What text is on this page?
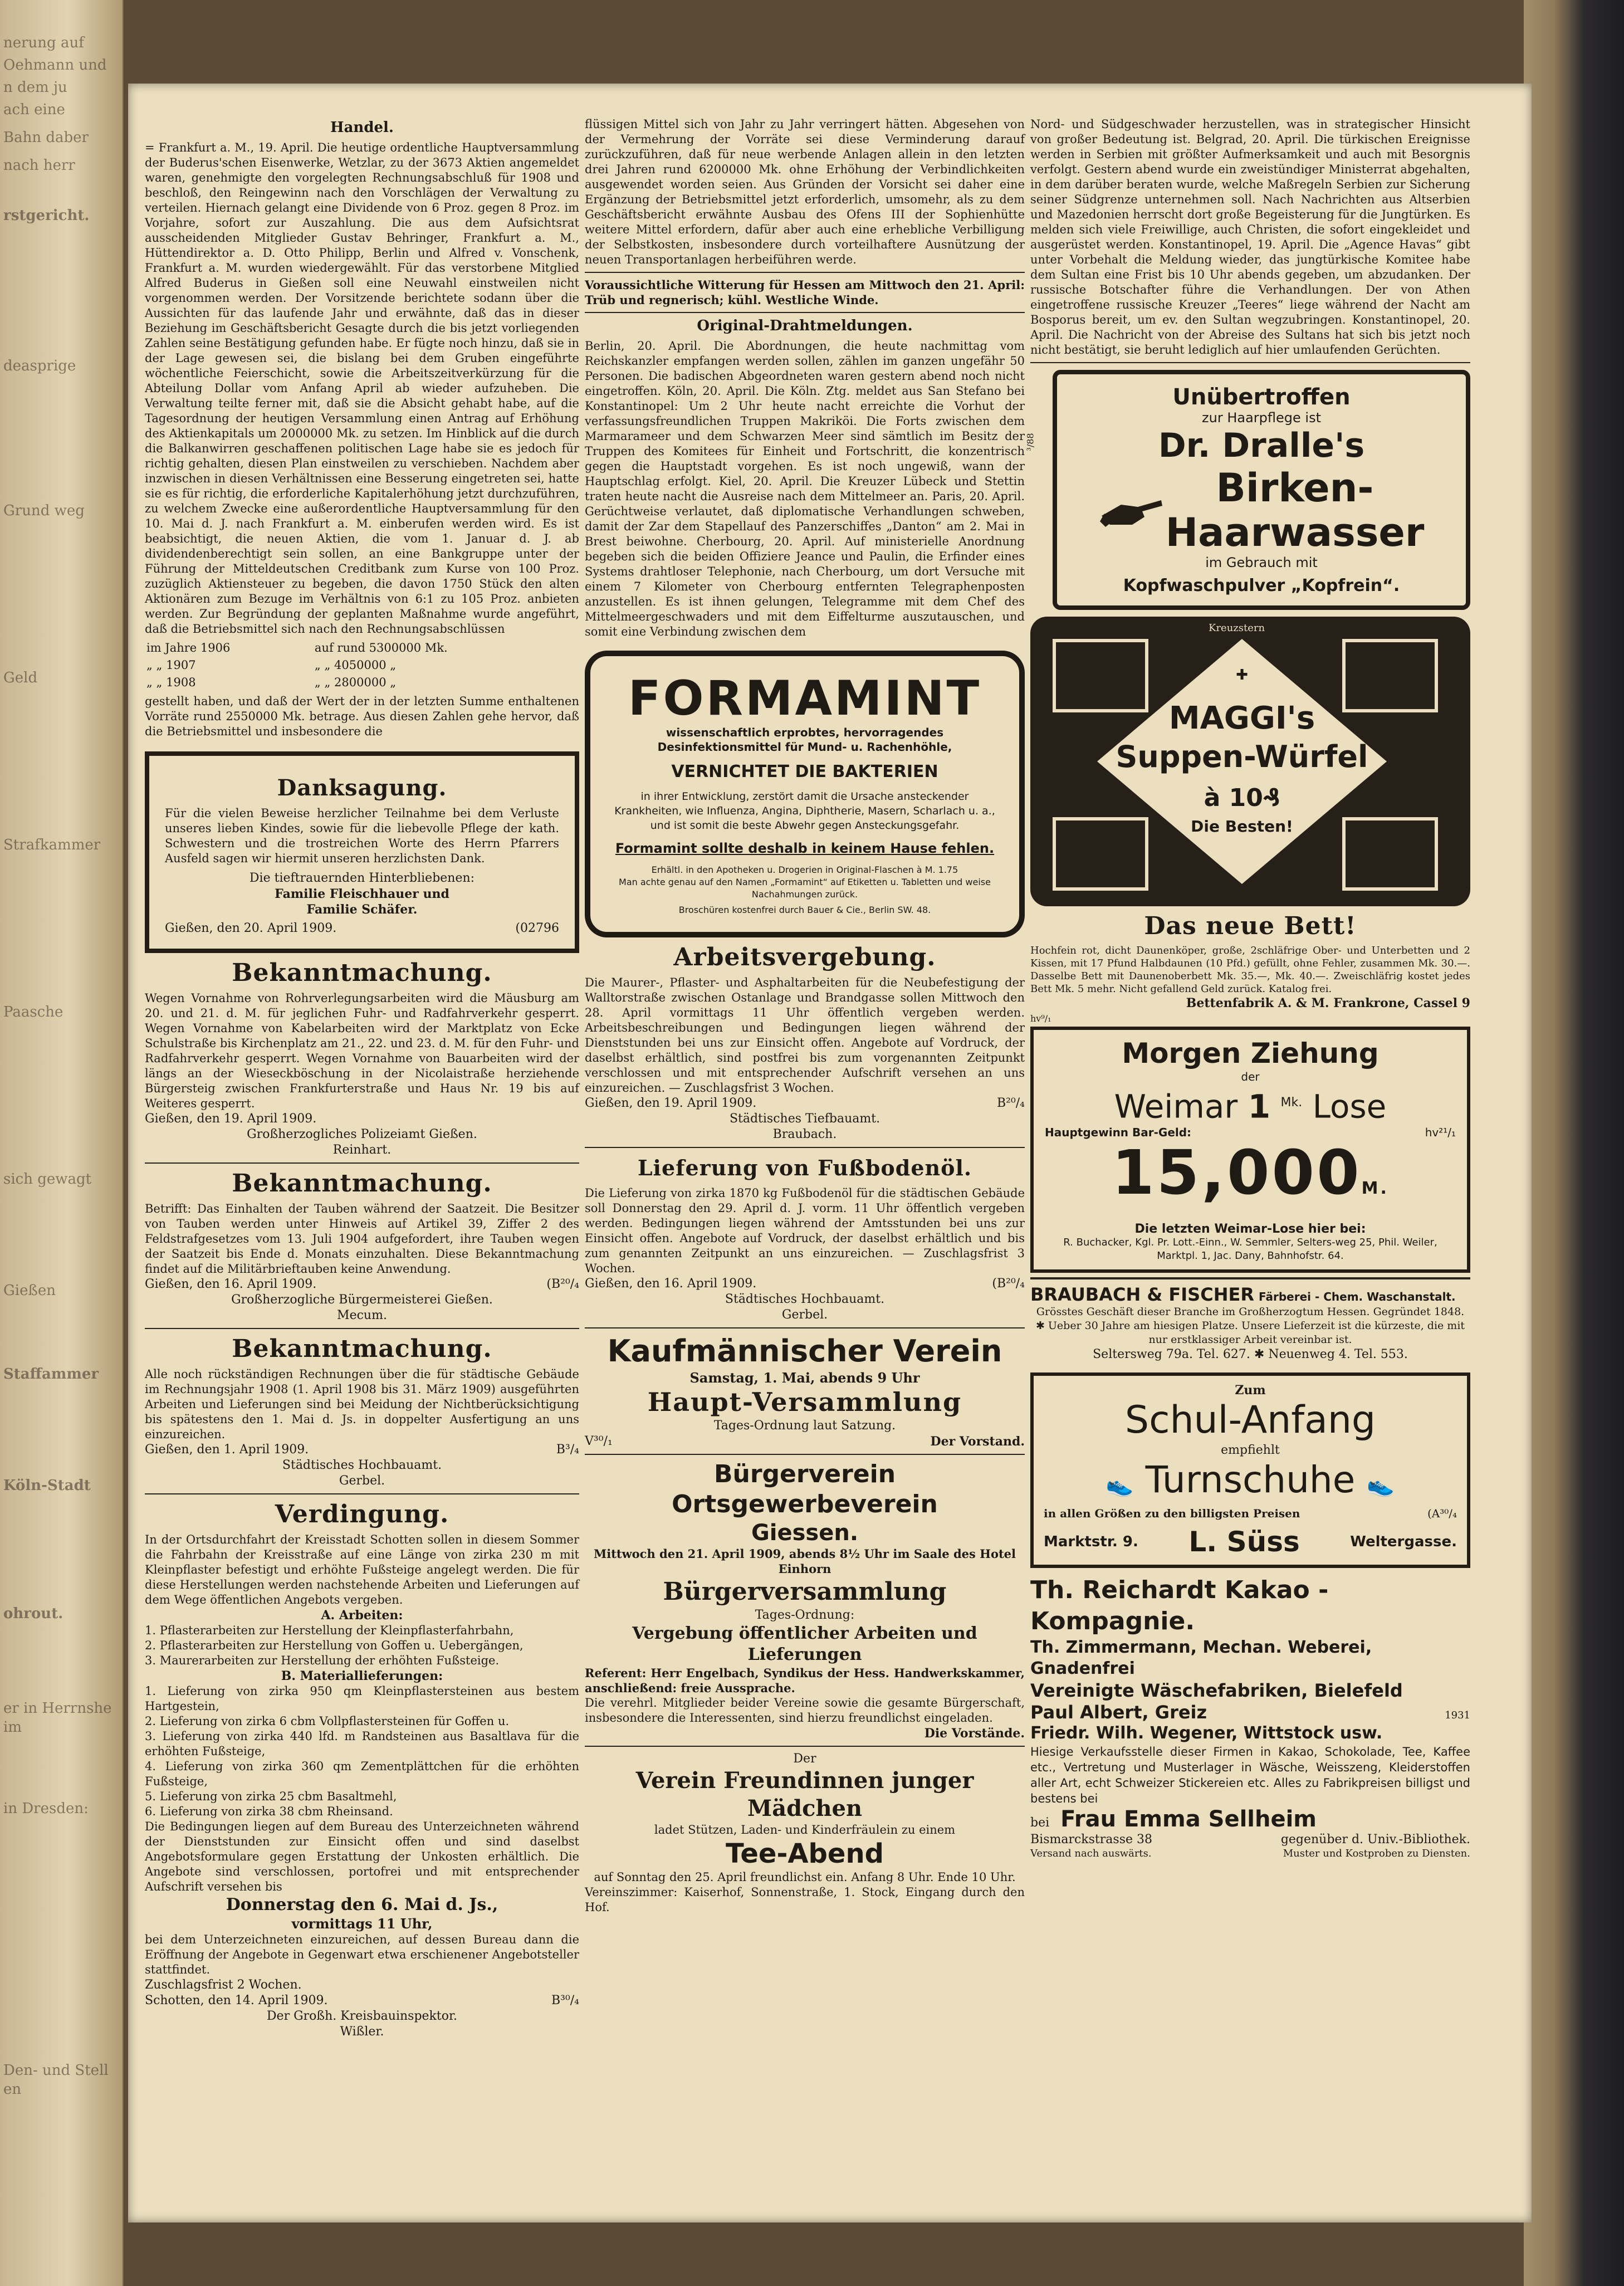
nerung auf
Oehmann und
n dem ju
ach eine
Bahn daber
nach herr
rstgericht.
deasprige
Grund weg
Geld
Strafkammer
Paasche
sich gewagt
Gießen
Staffammer
Köln-Stadt
ohrout.
er in Herrnsheim
in Dresden:
Den- und Stellen
Handel.
= Frankfurt a. M., 19. April. Die heutige ordentliche Hauptversammlung der Buderus'schen Eisenwerke, Wetzlar, zu der 3673 Aktien angemeldet waren, genehmigte den vorgelegten Rechnungsabschluß für 1908 und beschloß, den Reingewinn nach den Vorschlägen der Verwaltung zu verteilen. Hiernach gelangt eine Dividende von 6 Proz. gegen 8 Proz. im Vorjahre, sofort zur Auszahlung. Die aus dem Aufsichtsrat ausscheidenden Mitglieder Gustav Behringer, Frankfurt a. M., Hüttendirektor a. D. Otto Philipp, Berlin und Alfred v. Vonschenk, Frankfurt a. M. wurden wiedergewählt. Für das verstorbene Mitglied Alfred Buderus in Gießen soll eine Neuwahl einstweilen nicht vorgenommen werden. Der Vorsitzende berichtete sodann über die Aussichten für das laufende Jahr und erwähnte, daß das in dieser Beziehung im Geschäftsbericht Gesagte durch die bis jetzt vorliegenden Zahlen seine Bestätigung gefunden habe. Er fügte noch hinzu, daß sie in der Lage gewesen sei, die bislang bei dem Gruben eingeführte wöchentliche Feierschicht, sowie die Arbeitszeitverkürzung für die Abteilung Dollar vom Anfang April ab wieder aufzuheben. Die Verwaltung teilte ferner mit, daß sie die Absicht gehabt habe, auf die Tagesordnung der heutigen Versammlung einen Antrag auf Erhöhung des Aktienkapitals um 2000000 Mk. zu setzen. Im Hinblick auf die durch die Balkanwirren geschaffenen politischen Lage habe sie es jedoch für richtig gehalten, diesen Plan einstweilen zu verschieben. Nachdem aber inzwischen in diesen Verhältnissen eine Besserung eingetreten sei, hatte sie es für richtig, die erforderliche Kapitalerhöhung jetzt durchzuführen, zu welchem Zwecke eine außerordentliche Hauptversammlung für den 10. Mai d. J. nach Frankfurt a. M. einberufen werden wird. Es ist beabsichtigt, die neuen Aktien, die vom 1. Januar d. J. ab dividendenberechtigt sein sollen, an eine Bankgruppe unter der Führung der Mitteldeutschen Creditbank zum Kurse von 100 Proz. zuzüglich Aktiensteuer zu begeben, die davon 1750 Stück den alten Aktionären zum Bezuge im Verhältnis von 6:1 zu 105 Proz. anbieten werden. Zur Begründung der geplanten Maßnahme wurde angeführt, daß die Betriebsmittel sich nach den Rechnungsabschlüssen
im Jahre 1906	auf rund 5300000 Mk.
„ „ 1907	„ „ 4050000 „
„ „ 1908	„ „ 2800000 „
gestellt haben, und daß der Wert der in der letzten Summe enthaltenen Vorräte rund 2550000 Mk. betrage. Aus diesen Zahlen gehe hervor, daß die Betriebsmittel und insbesondere die
Danksagung.
Für die vielen Beweise herzlicher Teilnahme bei dem Verluste unseres lieben Kindes, sowie für die liebevolle Pflege der kath. Schwestern und die trostreichen Worte des Herrn Pfarrers Ausfeld sagen wir hiermit unseren herzlichsten Dank.
Die tieftrauernden Hinterbliebenen:
Familie Fleischhauer und
Familie Schäfer.
Gießen, den 20. April 1909.	(02796
Bekanntmachung.
Wegen Vornahme von Rohrverlegungsarbeiten wird die Mäusburg am 20. und 21. d. M. für jeglichen Fuhr- und Radfahrverkehr gesperrt. Wegen Vornahme von Kabelarbeiten wird der Marktplatz von Ecke Schulstraße bis Kirchenplatz am 21., 22. und 23. d. M. für den Fuhr- und Radfahrverkehr gesperrt. Wegen Vornahme von Bauarbeiten wird der längs an der Wieseckböschung in der Nicolaistraße herziehende Bürgersteig zwischen Frankfurterstraße und Haus Nr. 19 bis auf Weiteres gesperrt.
Gießen, den 19. April 1909.
Großherzogliches Polizeiamt Gießen.
Reinhart.
Bekanntmachung.
Betrifft: Das Einhalten der Tauben während der Saatzeit. Die Besitzer von Tauben werden unter Hinweis auf Artikel 39, Ziffer 2 des Feldstrafgesetzes vom 13. Juli 1904 aufgefordert, ihre Tauben wegen der Saatzeit bis Ende d. Monats einzuhalten. Diese Bekanntmachung findet auf die Militärbrieftauben keine Anwendung.
Gießen, den 16. April 1909.	(B²⁰/₄
Großherzogliche Bürgermeisterei Gießen.
Mecum.
Bekanntmachung.
Alle noch rückständigen Rechnungen über die für städtische Gebäude im Rechnungsjahr 1908 (1. April 1908 bis 31. März 1909) ausgeführten Arbeiten und Lieferungen sind bei Meidung der Nichtberücksichtigung bis spätestens den 1. Mai d. Js. in doppelter Ausfertigung an uns einzureichen.
Gießen, den 1. April 1909.	B³/₄
Städtisches Hochbauamt.
Gerbel.
Verdingung.
In der Ortsdurchfahrt der Kreisstadt Schotten sollen in diesem Sommer die Fahrbahn der Kreisstraße auf eine Länge von zirka 230 m mit Kleinpflaster befestigt und erhöhte Fußsteige angelegt werden. Die für diese Herstellungen werden nachstehende Arbeiten und Lieferungen auf dem Wege öffentlichen Angebots vergeben.
A. Arbeiten:
1. Pflasterarbeiten zur Herstellung der Kleinpflasterfahrbahn,
2. Pflasterarbeiten zur Herstellung von Goffen u. Uebergängen,
3. Maurerarbeiten zur Herstellung der erhöhten Fußsteige.
B. Materiallieferungen:
1. Lieferung von zirka 950 qm Kleinpflastersteinen aus bestem Hartgestein,
2. Lieferung von zirka 6 cbm Vollpflastersteinen für Goffen u.
3. Lieferung von zirka 440 lfd. m Randsteinen aus Basaltlava für die erhöhten Fußsteige,
4. Lieferung von zirka 360 qm Zementplättchen für die erhöhten Fußsteige,
5. Lieferung von zirka 25 cbm Basaltmehl,
6. Lieferung von zirka 38 cbm Rheinsand.
Die Bedingungen liegen auf dem Bureau des Unterzeichneten während der Dienststunden zur Einsicht offen und sind daselbst Angebotsformulare gegen Erstattung der Unkosten erhältlich. Die Angebote sind verschlossen, portofrei und mit entsprechender Aufschrift versehen bis
Donnerstag den 6. Mai d. Js.,
vormittags 11 Uhr,
bei dem Unterzeichneten einzureichen, auf dessen Bureau dann die Eröffnung der Angebote in Gegenwart etwa erschienener Angebotsteller stattfindet.
Zuschlagsfrist 2 Wochen.
Schotten, den 14. April 1909.	B³⁰/₄
Der Großh. Kreisbauinspektor.
Wißler.
flüssigen Mittel sich von Jahr zu Jahr verringert hätten. Abgesehen von der Vermehrung der Vorräte sei diese Verminderung darauf zurückzuführen, daß für neue werbende Anlagen allein in den letzten drei Jahren rund 6200000 Mk. ohne Erhöhung der Verbindlichkeiten ausgewendet worden seien. Aus Gründen der Vorsicht sei daher eine Ergänzung der Betriebsmittel jetzt erforderlich, umsomehr, als zu dem Geschäftsbericht erwähnte Ausbau des Ofens III der Sophienhütte weitere Mittel erfordern, dafür aber auch eine erhebliche Verbilligung der Selbstkosten, insbesondere durch vorteilhaftere Ausnützung der neuen Transportanlagen herbeiführen werde.
Voraussichtliche Witterung für Hessen am Mittwoch den 21. April: Trüb und regnerisch; kühl. Westliche Winde.
Original-Drahtmeldungen.
Berlin, 20. April. Die Abordnungen, die heute nachmittag vom Reichskanzler empfangen werden sollen, zählen im ganzen ungefähr 50 Personen. Die badischen Abgeordneten waren gestern abend noch nicht eingetroffen. Köln, 20. April. Die Köln. Ztg. meldet aus San Stefano bei Konstantinopel: Um 2 Uhr heute nacht erreichte die Vorhut der verfassungsfreundlichen Truppen Makriköi. Die Forts zwischen dem Marmarameer und dem Schwarzen Meer sind sämtlich im Besitz der Truppen des Komitees für Einheit und Fortschritt, die konzentrisch gegen die Hauptstadt vorgehen. Es ist noch ungewiß, wann der Hauptschlag erfolgt. Kiel, 20. April. Die Kreuzer Lübeck und Stettin traten heute nacht die Ausreise nach dem Mittelmeer an. Paris, 20. April. Gerüchtweise verlautet, daß diplomatische Verhandlungen schweben, damit der Zar dem Stapellauf des Panzerschiffes „Danton“ am 2. Mai in Brest beiwohne. Cherbourg, 20. April. Auf ministerielle Anordnung begeben sich die beiden Offiziere Jeance und Paulin, die Erfinder eines Systems drahtloser Telephonie, nach Cherbourg, um dort Versuche mit einem 7 Kilometer von Cherbourg entfernten Telegraphenposten anzustellen. Es ist ihnen gelungen, Telegramme mit dem Chef des Mittelmeergeschwaders und mit dem Eiffelturme auszutauschen, und somit eine Verbindung zwischen dem
FORMAMINT
wissenschaftlich erprobtes, hervorragendes Desinfektionsmittel für Mund- u. Rachenhöhle,
VERNICHTET DIE BAKTERIEN
in ihrer Entwicklung, zerstört damit die Ursache ansteckender Krankheiten, wie Influenza, Angina, Diphtherie, Masern, Scharlach u. a., und ist somit die beste Abwehr gegen Ansteckungsgefahr.
Formamint sollte deshalb in keinem Hause fehlen.
Erhältl. in den Apotheken u. Drogerien in Original-Flaschen à M. 1.75
Man achte genau auf den Namen „Formamint“ auf Etiketten u. Tabletten und weise Nachahmungen zurück.
Broschüren kostenfrei durch Bauer & Cie., Berlin SW. 48.
Arbeitsvergebung.
Die Maurer-, Pflaster- und Asphaltarbeiten für die Neubefestigung der Walltorstraße zwischen Ostanlage und Brandgasse sollen Mittwoch den 28. April vormittags 11 Uhr öffentlich vergeben werden. Arbeitsbeschreibungen und Bedingungen liegen während der Dienststunden bei uns zur Einsicht offen. Angebote auf Vordruck, der daselbst erhältlich, sind postfrei bis zum vorgenannten Zeitpunkt verschlossen und mit entsprechender Aufschrift versehen an uns einzureichen. — Zuschlagsfrist 3 Wochen.
Gießen, den 19. April 1909.	B²⁰/₄
Städtisches Tiefbauamt.
Braubach.
Lieferung von Fußbodenöl.
Die Lieferung von zirka 1870 kg Fußbodenöl für die städtischen Gebäude soll Donnerstag den 29. April d. J. vorm. 11 Uhr öffentlich vergeben werden. Bedingungen liegen während der Amtsstunden bei uns zur Einsicht offen. Angebote auf Vordruck, der daselbst erhältlich und bis zum genannten Zeitpunkt an uns einzureichen. — Zuschlagsfrist 3 Wochen.
Gießen, den 16. April 1909.	(B²⁰/₄
Städtisches Hochbauamt.
Gerbel.
Kaufmännischer Verein
Samstag, 1. Mai, abends 9 Uhr
Haupt-Versammlung
Tages-Ordnung laut Satzung.
V³⁰/₁	Der Vorstand.
Bürgerverein Ortsgewerbeverein
Giessen.
Mittwoch den 21. April 1909, abends 8½ Uhr im Saale des Hotel Einhorn
Bürgerversammlung
Tages-Ordnung:
Vergebung öffentlicher Arbeiten und Lieferungen
Referent: Herr Engelbach, Syndikus der Hess. Handwerkskammer, anschließend: freie Aussprache.
Die verehrl. Mitglieder beider Vereine sowie die gesamte Bürgerschaft, insbesondere die Interessenten, sind hierzu freundlichst eingeladen.
Die Vorstände.
Der
Verein Freundinnen junger Mädchen
ladet Stützen, Laden- und Kinderfräulein zu einem
Tee-Abend
auf Sonntag den 25. April freundlichst ein. Anfang 8 Uhr. Ende 10 Uhr.
Vereinszimmer: Kaiserhof, Sonnenstraße, 1. Stock, Eingang durch den Hof.
Nord- und Südgeschwader herzustellen, was in strategischer Hinsicht von großer Bedeutung ist. Belgrad, 20. April. Die türkischen Ereignisse werden in Serbien mit größter Aufmerksamkeit und auch mit Besorgnis verfolgt. Gestern abend wurde ein zweistündiger Ministerrat abgehalten, in dem darüber beraten wurde, welche Maßregeln Serbien zur Sicherung seiner Südgrenze unternehmen soll. Nach Nachrichten aus Altserbien und Mazedonien herrscht dort große Begeisterung für die Jungtürken. Es melden sich viele Freiwillige, auch Christen, die sofort eingekleidet und ausgerüstet werden. Konstantinopel, 19. April. Die „Agence Havas“ gibt unter Vorbehalt die Meldung wieder, das jungtürkische Komitee habe dem Sultan eine Frist bis 10 Uhr abends gegeben, um abzudanken. Der russische Botschafter führe die Verhandlungen. Der von Athen eingetroffene russische Kreuzer „Teeres“ liege während der Nacht am Bosporus bereit, um ev. den Sultan wegzubringen. Konstantinopel, 20. April. Die Nachricht von der Abreise des Sultans hat sich bis jetzt noch nicht bestätigt, sie beruht lediglich auf hier umlaufenden Gerüchten.
³/88
Unübertroffen
zur Haarpflege ist
Dr. Dralle's
Birken-
Haarwasser
im Gebrauch mit
Kopfwaschpulver „Kopfrein“.
Kreuzstern
✚
MAGGI's
Suppen-Würfel
à 10₰
Die Besten!
Das neue Bett!
Hochfein rot, dicht Daunenköper, große, 2schläfrige Ober- und Unterbetten und 2 Kissen, mit 17 Pfund Halbdaunen (10 Pfd.) gefüllt, ohne Fehler, zusammen Mk. 30.—. Dasselbe Bett mit Daunenoberbett Mk. 35.—, Mk. 40.—. Zweischläfrig kostet jedes Bett Mk. 5 mehr. Nicht gefallend Geld zurück. Katalog frei.
Bettenfabrik A. & M. Frankrone, Cassel 9
hv⁹/₁
Morgen Ziehung
der
Weimar 1 $^{Mk.}$ Lose
Hauptgewinn Bar-Geld:	hv²¹/₁
15,000M.
Die letzten Weimar-Lose hier bei:
R. Buchacker, Kgl. Pr. Lott.-Einn., W. Semmler, Selters-weg 25, Phil. Weiler, Marktpl. 1, Jac. Dany, Bahnhofstr. 64.
BRAUBACH & FISCHER Färberei - Chem. Waschanstalt.
Grösstes Geschäft dieser Branche im Großherzogtum Hessen. Gegründet 1848. ✱ Ueber 30 Jahre am hiesigen Platze. Unsere Lieferzeit ist die kürzeste, die mit nur erstklassiger Arbeit vereinbar ist.
Seltersweg 79a. Tel. 627. ✱ Neuenweg 4. Tel. 553.
Zum
Schul-Anfang
empfiehlt
👟 Turnschuhe 👟
in allen Größen zu den billigsten Preisen	(A³⁰/₄
Marktstr. 9. L. Süss	Weltergasse.
Th. Reichardt Kakao - Kompagnie.
Th. Zimmermann, Mechan. Weberei, Gnadenfrei
Vereinigte Wäschefabriken, Bielefeld
Paul Albert, Greiz	1931
Friedr. Wilh. Wegener, Wittstock usw.
Hiesige Verkaufsstelle dieser Firmen in Kakao, Schokolade, Tee, Kaffee etc., Vertretung und Musterlager in Wäsche, Weisszeng, Kleiderstoffen aller Art, echt Schweizer Stickereien etc. Alles zu Fabrikpreisen billigst und bestens bei
bei Frau Emma Sellheim
Bismarckstrasse 38	gegenüber d. Univ.-Bibliothek.
Versand nach auswärts.	Muster und Kostproben zu Diensten.
